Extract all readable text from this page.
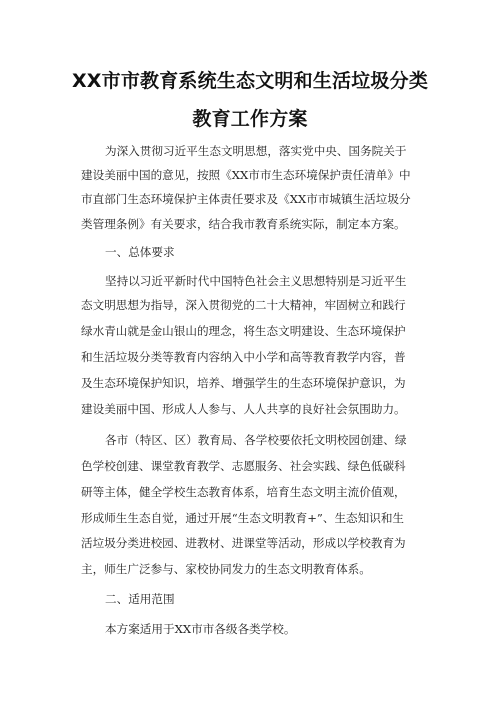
XX市市教育系统生态文明和生活垃圾分类
教育工作方案
为深入贯彻习近平生态文明思想，落实党中央、国务院关于
建设美丽中国的意见，按照《XX市市生态环境保护责任清单》中
市直部门生态环境保护主体责任要求及《XX市市城镇生活垃圾分
类管理条例》有关要求，结合我市教育系统实际，制定本方案。
一、总体要求
坚持以习近平新时代中国特色社会主义思想特别是习近平生
态文明思想为指导，深入贯彻党的二十大精神，牢固树立和践行
绿水青山就是金山银山的理念，将生态文明建设、生态环境保护
和生活垃圾分类等教育内容纳入中小学和高等教育教学内容，普
及生态环境保护知识，培养、增强学生的生态环境保护意识，为
建设美丽中国、形成人人参与、人人共享的良好社会氛围助力。
各市（特区、区）教育局、各学校要依托文明校园创建、绿
色学校创建、课堂教育教学、志愿服务、社会实践、绿色低碳科
研等主体，健全学校生态教育体系，培育生态文明主流价值观，
形成师生生态自觉，通过开展“生态文明教育+”、生态知识和生
活垃圾分类进校园、进教材、进课堂等活动，形成以学校教育为
主，师生广泛参与、家校协同发力的生态文明教育体系。
二、适用范围
本方案适用于XX市市各级各类学校。
